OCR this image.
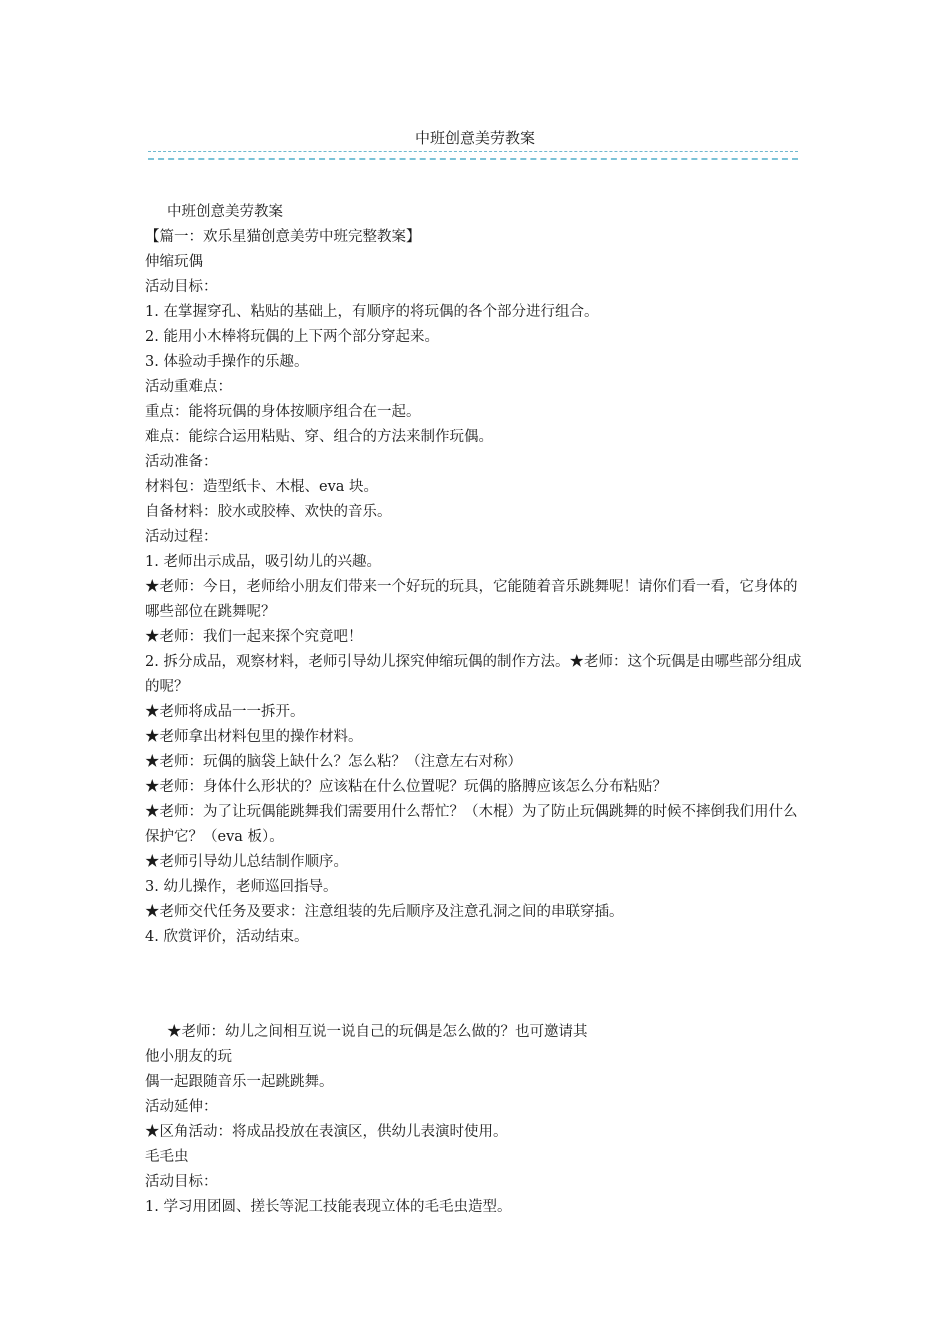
中班创意美劳教案

中班创意美劳教案

【篇一：欢乐星猫创意美劳中班完整教案】

伸缩玩偶

活动目标：

1. 在掌握穿孔、粘贴的基础上，有顺序的将玩偶的各个部分进行组合。

2. 能用小木棒将玩偶的上下两个部分穿起来。

3. 体验动手操作的乐趣。

活动重难点：

重点：能将玩偶的身体按顺序组合在一起。

难点：能综合运用粘贴、穿、组合的方法来制作玩偶。

活动准备：

材料包：造型纸卡、木棍、eva 块。

自备材料：胶水或胶棒、欢快的音乐。

活动过程：

1. 老师出示成品，吸引幼儿的兴趣。

★老师：今日，老师给小朋友们带来一个好玩的玩具，它能随着音乐跳舞呢！请你们看一看，它身体的哪些部位在跳舞呢？

★老师：我们一起来探个究竟吧！

2. 拆分成品，观察材料，老师引导幼儿探究伸缩玩偶的制作方法。★老师：这个玩偶是由哪些部分组成的呢？

★老师将成品一一拆开。

★老师拿出材料包里的操作材料。

★老师：玩偶的脑袋上缺什么？怎么粘？（注意左右对称）

★老师：身体什么形状的？应该粘在什么位置呢？玩偶的胳膊应该怎么分布粘贴？

★老师：为了让玩偶能跳舞我们需要用什么帮忙？（木棍）为了防止玩偶跳舞的时候不摔倒我们用什么保护它？（eva 板）。

★老师引导幼儿总结制作顺序。

3. 幼儿操作，老师巡回指导。

★老师交代任务及要求：注意组装的先后顺序及注意孔洞之间的串联穿插。

4. 欣赏评价，活动结束。

★老师：幼儿之间相互说一说自己的玩偶是怎么做的？也可邀请其

他小朋友的玩

偶一起跟随音乐一起跳跳舞。

活动延伸：

★区角活动：将成品投放在表演区，供幼儿表演时使用。

毛毛虫

活动目标：

1. 学习用团圆、搓长等泥工技能表现立体的毛毛虫造型。
